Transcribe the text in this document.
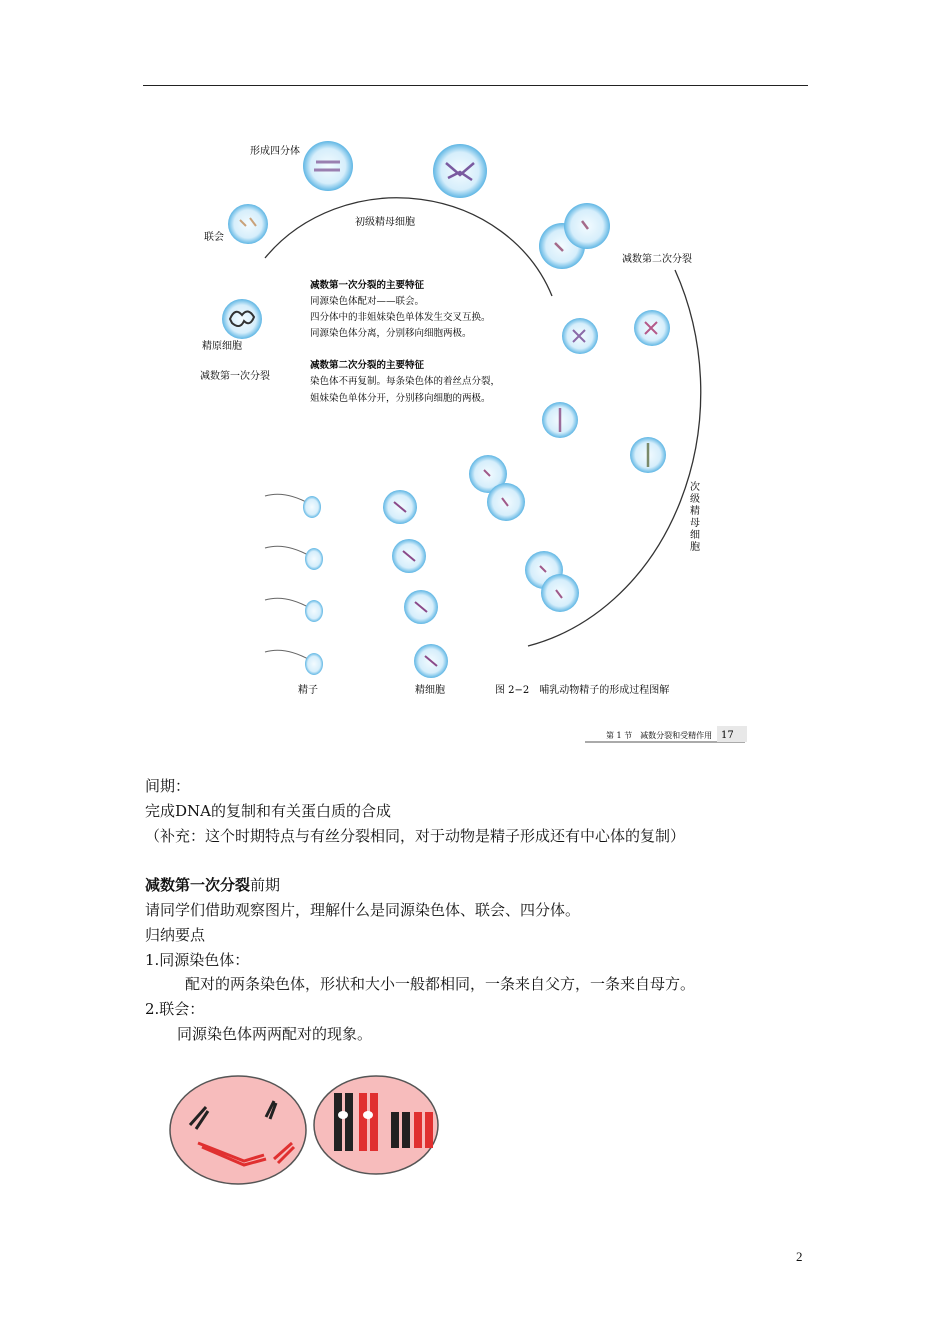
形成四分体
联会
初级精母细胞
精原细胞
减数第一次分裂
减数第二次分裂
精子	精细胞
次级精母细胞
减数第一次分裂的主要特征
同源染色体配对——联会。
四分体中的非姐妹染色单体发生交叉互换。
同源染色体分离，分别移向细胞两极。
减数第二次分裂的主要特征
染色体不再复制。每条染色体的着丝点分裂，
姐妹染色单体分开，分别移向细胞的两极。
图 2−2　哺乳动物精子的形成过程图解
第 1 节　减数分裂和受精作用 17
间期：
完成DNA的复制和有关蛋白质的合成
（补充：这个时期特点与有丝分裂相同，对于动物是精子形成还有中心体的复制）
减数第一次分裂前期
请同学们借助观察图片，理解什么是同源染色体、联会、四分体。
归纳要点
1.同源染色体：
配对的两条染色体，形状和大小一般都相同，一条来自父方，一条来自母方。
2.联会：
同源染色体两两配对的现象。
2
